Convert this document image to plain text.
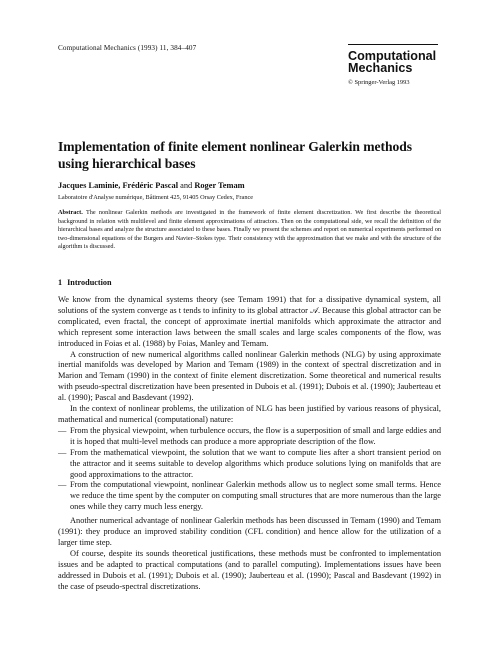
Computational Mechanics (1993) 11, 384–407
Computational
Mechanics
© Springer-Verlag 1993
Implementation of finite element nonlinear Galerkin methods using hierarchical bases
Jacques Laminie, Frédéric Pascal and Roger Temam
Laboratoire d'Analyse numérique, Bâtiment 425, 91405 Orsay Cedex, France
Abstract. The nonlinear Galerkin methods are investigated in the framework of finite element discretization. We first describe the theoretical background in relation with multilevel and finite element approximations of attractors. Then on the computational side, we recall the definition of the hierarchical bases and analyze the structure associated to these bases. Finally we present the schemes and report on numerical experiments performed on two-dimensional equations of the Burgers and Navier–Stokes type. Their consistency with the approximation that we make and with the structure of the algorithm is discussed.
1 Introduction

We know from the dynamical systems theory (see Temam 1991) that for a dissipative dynamical system, all solutions of the system converge as t tends to infinity to its global attractor 𝒜. Because this global attractor can be complicated, even fractal, the concept of approximate inertial manifolds which approximate the attractor and which represent some interaction laws between the small scales and large scales components of the flow, was introduced in Foias et al. (1988) by Foias, Manley and Temam.

A construction of new numerical algorithms called nonlinear Galerkin methods (NLG) by using approximate inertial manifolds was developed by Marion and Temam (1989) in the context of spectral discretization and in Marion and Temam (1990) in the context of finite element discretization. Some theoretical and numerical results with pseudo-spectral discretization have been presented in Dubois et al. (1991); Dubois et al. (1990); Jauberteau et al. (1990); Pascal and Basdevant (1992).

In the context of nonlinear problems, the utilization of NLG has been justified by various reasons of physical, mathematical and numerical (computational) nature:

— From the physical viewpoint, when turbulence occurs, the flow is a superposition of small and large eddies and it is hoped that multi-level methods can produce a more appropriate description of the flow.
— From the mathematical viewpoint, the solution that we want to compute lies after a short transient period on the attractor and it seems suitable to develop algorithms which produce solutions lying on manifolds that are good approximations to the attractor.
— From the computational viewpoint, nonlinear Galerkin methods allow us to neglect some small terms. Hence we reduce the time spent by the computer on computing small structures that are more numerous than the large ones while they carry much less energy.

Another numerical advantage of nonlinear Galerkin methods has been discussed in Temam (1990) and Temam (1991): they produce an improved stability condition (CFL condition) and hence allow for the utilization of a larger time step.

Of course, despite its sounds theoretical justifications, these methods must be confronted to implementation issues and be adapted to practical computations (and to parallel computing). Implementations issues have been addressed in Dubois et al. (1991); Dubois et al. (1990); Jauberteau et al. (1990); Pascal and Basdevant (1992) in the case of pseudo-spectral discretizations.
